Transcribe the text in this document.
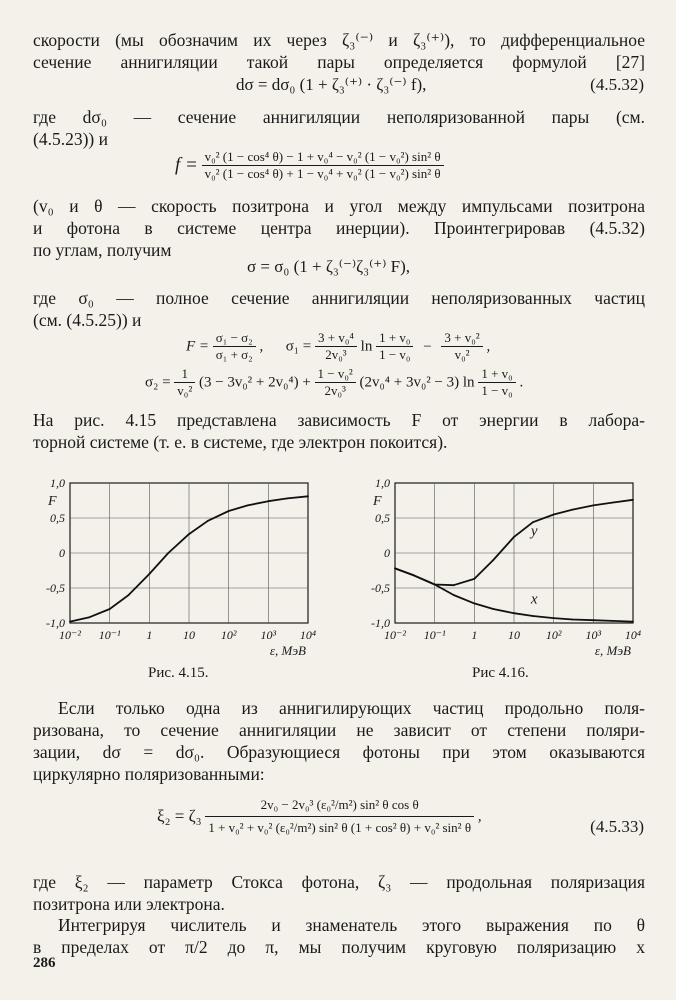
скорости (мы обозначим их через ζ₃⁽⁻⁾ и ζ₃⁽⁺⁾), то дифференциальное
сечение аннигиляции такой пары определяется формулой [27]
dσ = dσ₀ (1 + ζ₃⁽⁺⁾ · ζ₃⁽⁻⁾ f),	(4.5.32)
где dσ₀ — сечение аннигиляции неполяризованной пары (см.
(4.5.23)) и
$f = \frac{\text{v₀² (1 − cos⁴ θ) − 1 + v₀⁴ − v₀² (1 − v₀²) sin² θ}}{\text{v₀² (1 − cos⁴ θ) + 1 − v₀⁴ + v₀² (1 − v₀²) sin² θ}}$
(v₀ и θ — скорость позитрона и угол между импульсами позитрона
и фотона в системе центра инерции). Проинтегрировав (4.5.32)
по углам, получим
σ = σ₀ (1 + ζ₃⁽⁻⁾ζ₃⁽⁺⁾ F),
где σ₀ — полное сечение аннигиляции неполяризованных частиц
(см. (4.5.25)) и
$F = \frac{\text{σ₁ − σ₂}}{\text{σ₁ + σ₂}}$ ,      $\sigma_1 = \frac{\text{3 + v₀⁴}}{\text{2v₀³}}$ $\ln \frac{\text{1 + v₀}}{\text{1 − v₀}} - \frac{\text{3 + v₀²}}{\text{v₀²}}$ ,
$\sigma_2 = \frac{1}{\text{v₀²}} (3 - 3v_0^2 + 2v_0^4) + \frac{\text{1 − v₀²}}{\text{2v₀³}} (2v_0^4 + 3v_0^2 - 3)$ $\ln \frac{\text{1 + v₀}}{\text{1 − v₀}}$ .
На рис. 4.15 представлена зависимость F от энергии в лабора-
торной системе (т. е. в системе, где электрон покоится).
10⁻² 10⁻¹ 1	10 10² 10³ 10⁴
1,0
0,5
0
-0,5
-1,0
F
ε, МэВ
10⁻² 10⁻¹ 1	10 10² 10³ 10⁴
1,0
0,5
0
-0,5
-1,0
F
ε, МэВ
y
x
Рис. 4.15.	Рис 4.16.
Если только одна из аннигилирующих частиц продольно поля-
ризована, то сечение аннигиляции не зависит от степени поляри-
зации, dσ = dσ₀. Образующиеся фотоны при этом оказываются
циркулярно поляризованными:
$\xi_2 = \zeta_3 \frac{\text{2v₀ − 2v₀³ (ε₀²/m²) sin² θ cos θ}}{\text{1 + v₀² + v₀² (ε₀²/m²) sin² θ (1 + cos² θ) + v₀² sin² θ}}$ ,
(4.5.33)
где ξ₂ — параметр Стокса фотона, ζ₃ — продольная поляризация
позитрона или электрона.
Интегрируя числитель и знаменатель этого выражения по θ
в пределах от π/2 до π, мы получим круговую поляризацию x
286
